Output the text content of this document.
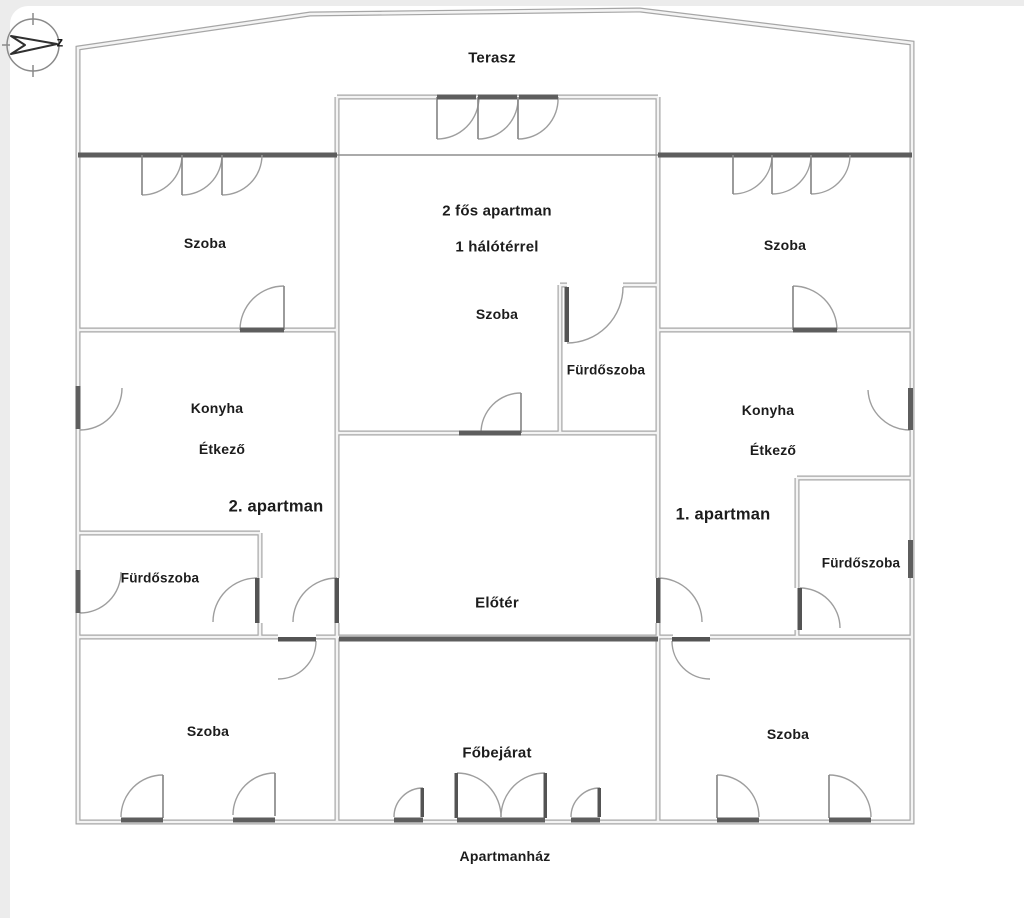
Terasz
2 fős apartman
1 hálótérrel
Szoba
Fürdőszoba
Szoba
Konyha
Étkező
2. apartman
Fürdőszoba
Szoba
Szoba
Konyha
Étkező
1. apartman
Fürdőszoba
Szoba
Előtér
Főbejárat
Apartmanház
z
